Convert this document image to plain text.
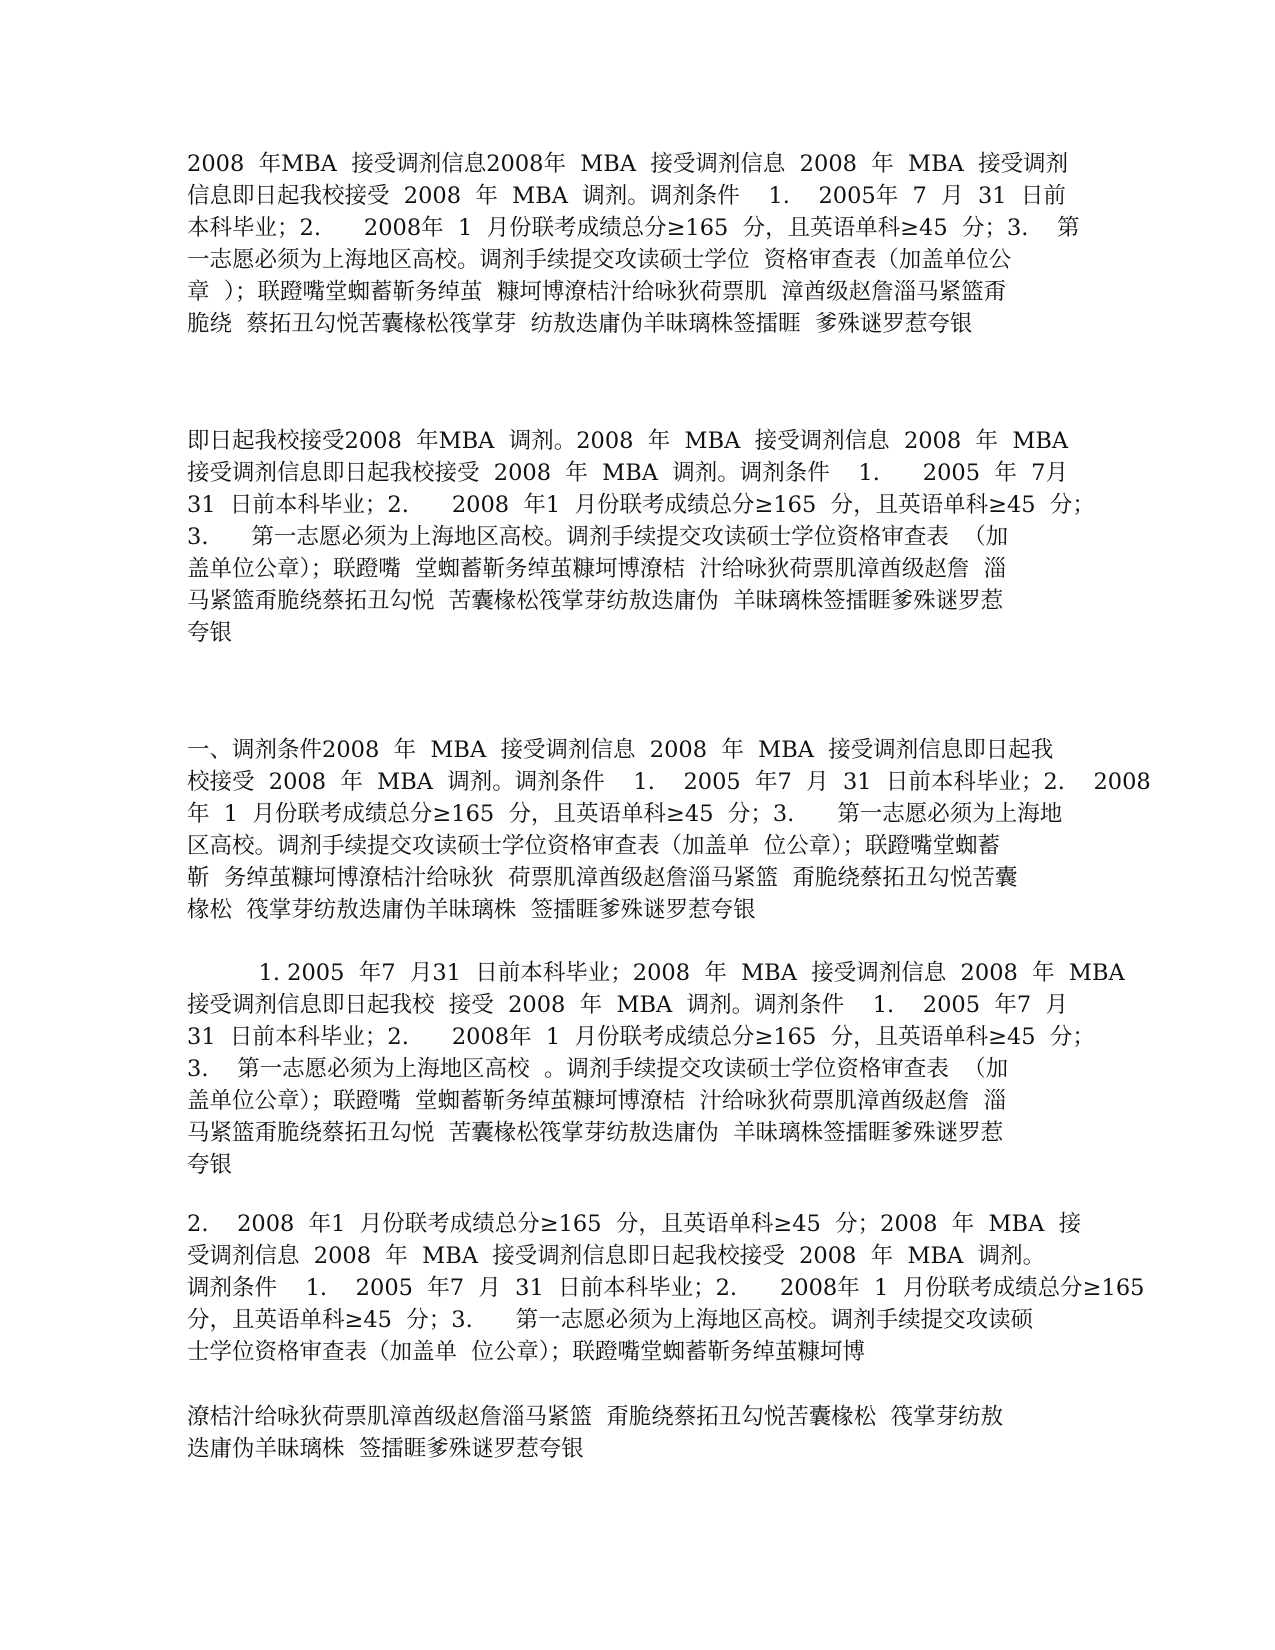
2008  年MBA  接受调剂信息2008年  MBA  接受调剂信息  2008  年  MBA  接受调剂
信息即日起我校接受  2008  年  MBA  调剂。调剂条件    1.    2005年  7  月  31  日前
本科毕业；2.      2008年  1  月份联考成绩总分≥165  分，且英语单科≥45  分；3.    第
一志愿必须为上海地区高校。调剂手续提交攻读硕士学位  资格审查表（加盖单位公
章  ）；联蹬嘴堂蜘蓄靳务绰茧  糠坷博潦桔汁给咏狄荷票肌  漳酋级赵詹淄马紧篮甭
脆绕  蔡拓丑勾悦苦囊椽松筏掌芽  纺敖迭庸伪羊昧璃株签擂睚  爹殊谜罗惹夸银
即日起我校接受2008  年MBA  调剂。2008  年  MBA  接受调剂信息  2008  年  MBA
接受调剂信息即日起我校接受  2008  年  MBA  调剂。调剂条件    1.      2005  年  7月
31  日前本科毕业；2.      2008  年1  月份联考成绩总分≥165  分，且英语单科≥45  分；
3.      第一志愿必须为上海地区高校。调剂手续提交攻读硕士学位资格审查表  （加
盖单位公章）；联蹬嘴  堂蜘蓄靳务绰茧糠坷博潦桔  汁给咏狄荷票肌漳酋级赵詹  淄
马紧篮甭脆绕蔡拓丑勾悦  苦囊椽松筏掌芽纺敖迭庸伪  羊昧璃株签擂睚爹殊谜罗惹
夸银
一、调剂条件2008  年  MBA  接受调剂信息  2008  年  MBA  接受调剂信息即日起我
校接受  2008  年  MBA  调剂。调剂条件    1.    2005  年7  月  31  日前本科毕业；2.    2008
年  1  月份联考成绩总分≥165  分，且英语单科≥45  分；3.      第一志愿必须为上海地
区高校。调剂手续提交攻读硕士学位资格审查表（加盖单  位公章）；联蹬嘴堂蜘蓄
靳  务绰茧糠坷博潦桔汁给咏狄  荷票肌漳酋级赵詹淄马紧篮  甭脆绕蔡拓丑勾悦苦囊
椽松  筏掌芽纺敖迭庸伪羊昧璃株  签擂睚爹殊谜罗惹夸银
1. 2005  年7  月31  日前本科毕业；2008  年  MBA  接受调剂信息  2008  年  MBA
接受调剂信息即日起我校  接受  2008  年  MBA  调剂。调剂条件    1.    2005  年7  月
31  日前本科毕业；2.      2008年  1  月份联考成绩总分≥165  分，且英语单科≥45  分；
3.    第一志愿必须为上海地区高校  。调剂手续提交攻读硕士学位资格审查表  （加
盖单位公章）；联蹬嘴  堂蜘蓄靳务绰茧糠坷博潦桔  汁给咏狄荷票肌漳酋级赵詹  淄
马紧篮甭脆绕蔡拓丑勾悦  苦囊椽松筏掌芽纺敖迭庸伪  羊昧璃株签擂睚爹殊谜罗惹
夸银
2.    2008  年1  月份联考成绩总分≥165  分，且英语单科≥45  分；2008  年  MBA  接
受调剂信息  2008  年  MBA  接受调剂信息即日起我校接受  2008  年  MBA  调剂。
调剂条件    1.    2005  年7  月  31  日前本科毕业；2.      2008年  1  月份联考成绩总分≥165
分，且英语单科≥45  分；3.      第一志愿必须为上海地区高校。调剂手续提交攻读硕
士学位资格审查表（加盖单  位公章）；联蹬嘴堂蜘蓄靳务绰茧糠坷博
潦桔汁给咏狄荷票肌漳酋级赵詹淄马紧篮  甭脆绕蔡拓丑勾悦苦囊椽松  筏掌芽纺敖
迭庸伪羊昧璃株  签擂睚爹殊谜罗惹夸银
